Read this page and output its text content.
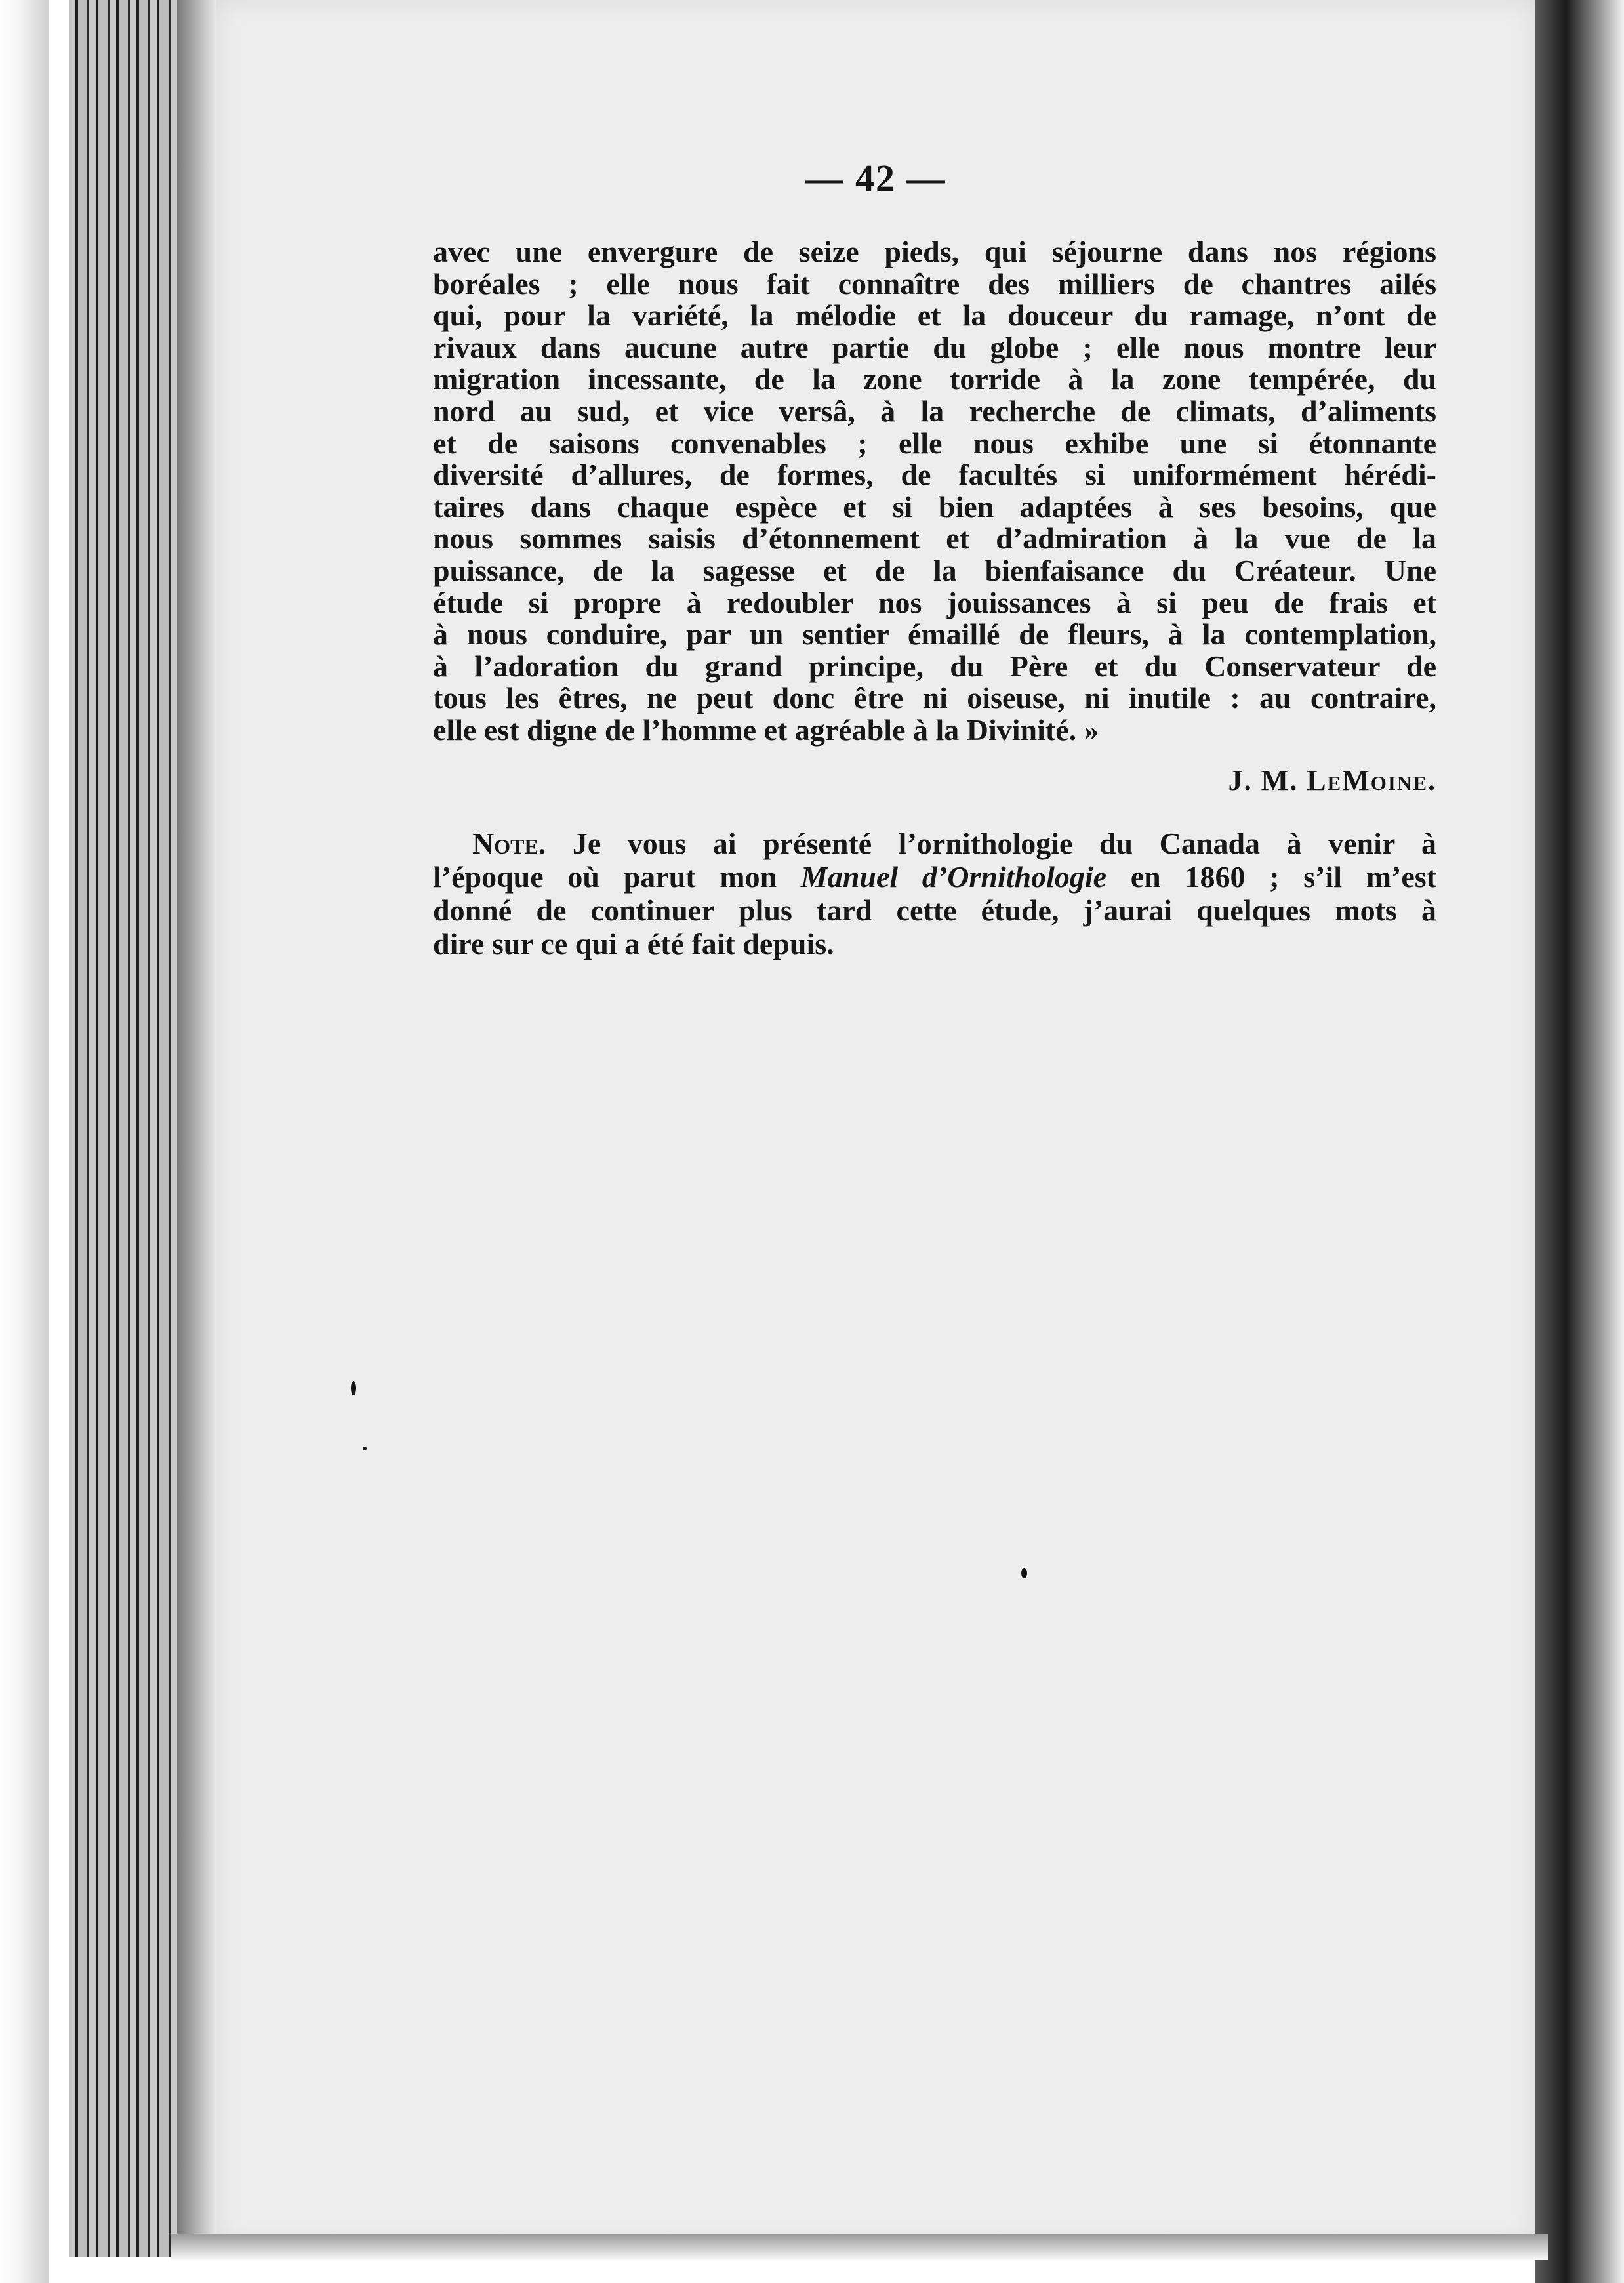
— 42 —
avec une envergure de seize pieds, qui séjourne dans nos régions
boréales ; elle nous fait connaître des milliers de chantres ailés
qui, pour la variété, la mélodie et la douceur du ramage, n’ont de
rivaux dans aucune autre partie du globe ; elle nous montre leur
migration incessante, de la zone torride à la zone tempérée, du
nord au sud, et vice versâ, à la recherche de climats, d’aliments
et de saisons convenables ; elle nous exhibe une si étonnante
diversité d’allures, de formes, de facultés si uniformément hérédi-
taires dans chaque espèce et si bien adaptées à ses besoins, que
nous sommes saisis d’étonnement et d’admiration à la vue de la
puissance, de la sagesse et de la bienfaisance du Créateur. Une
étude si propre à redoubler nos jouissances à si peu de frais et
à nous conduire, par un sentier émaillé de fleurs, à la contemplation,
à l’adoration du grand principe, du Père et du Conservateur de
tous les êtres, ne peut donc être ni oiseuse, ni inutile : au contraire,
elle est digne de l’homme et agréable à la Divinité. »
J. M. LeMoine.
Note. Je vous ai présenté l’ornithologie du Canada à venir à
l’époque où parut mon Manuel d’Ornithologie en 1860 ; s’il m’est
donné de continuer plus tard cette étude, j’aurai quelques mots à
dire sur ce qui a été fait depuis.
